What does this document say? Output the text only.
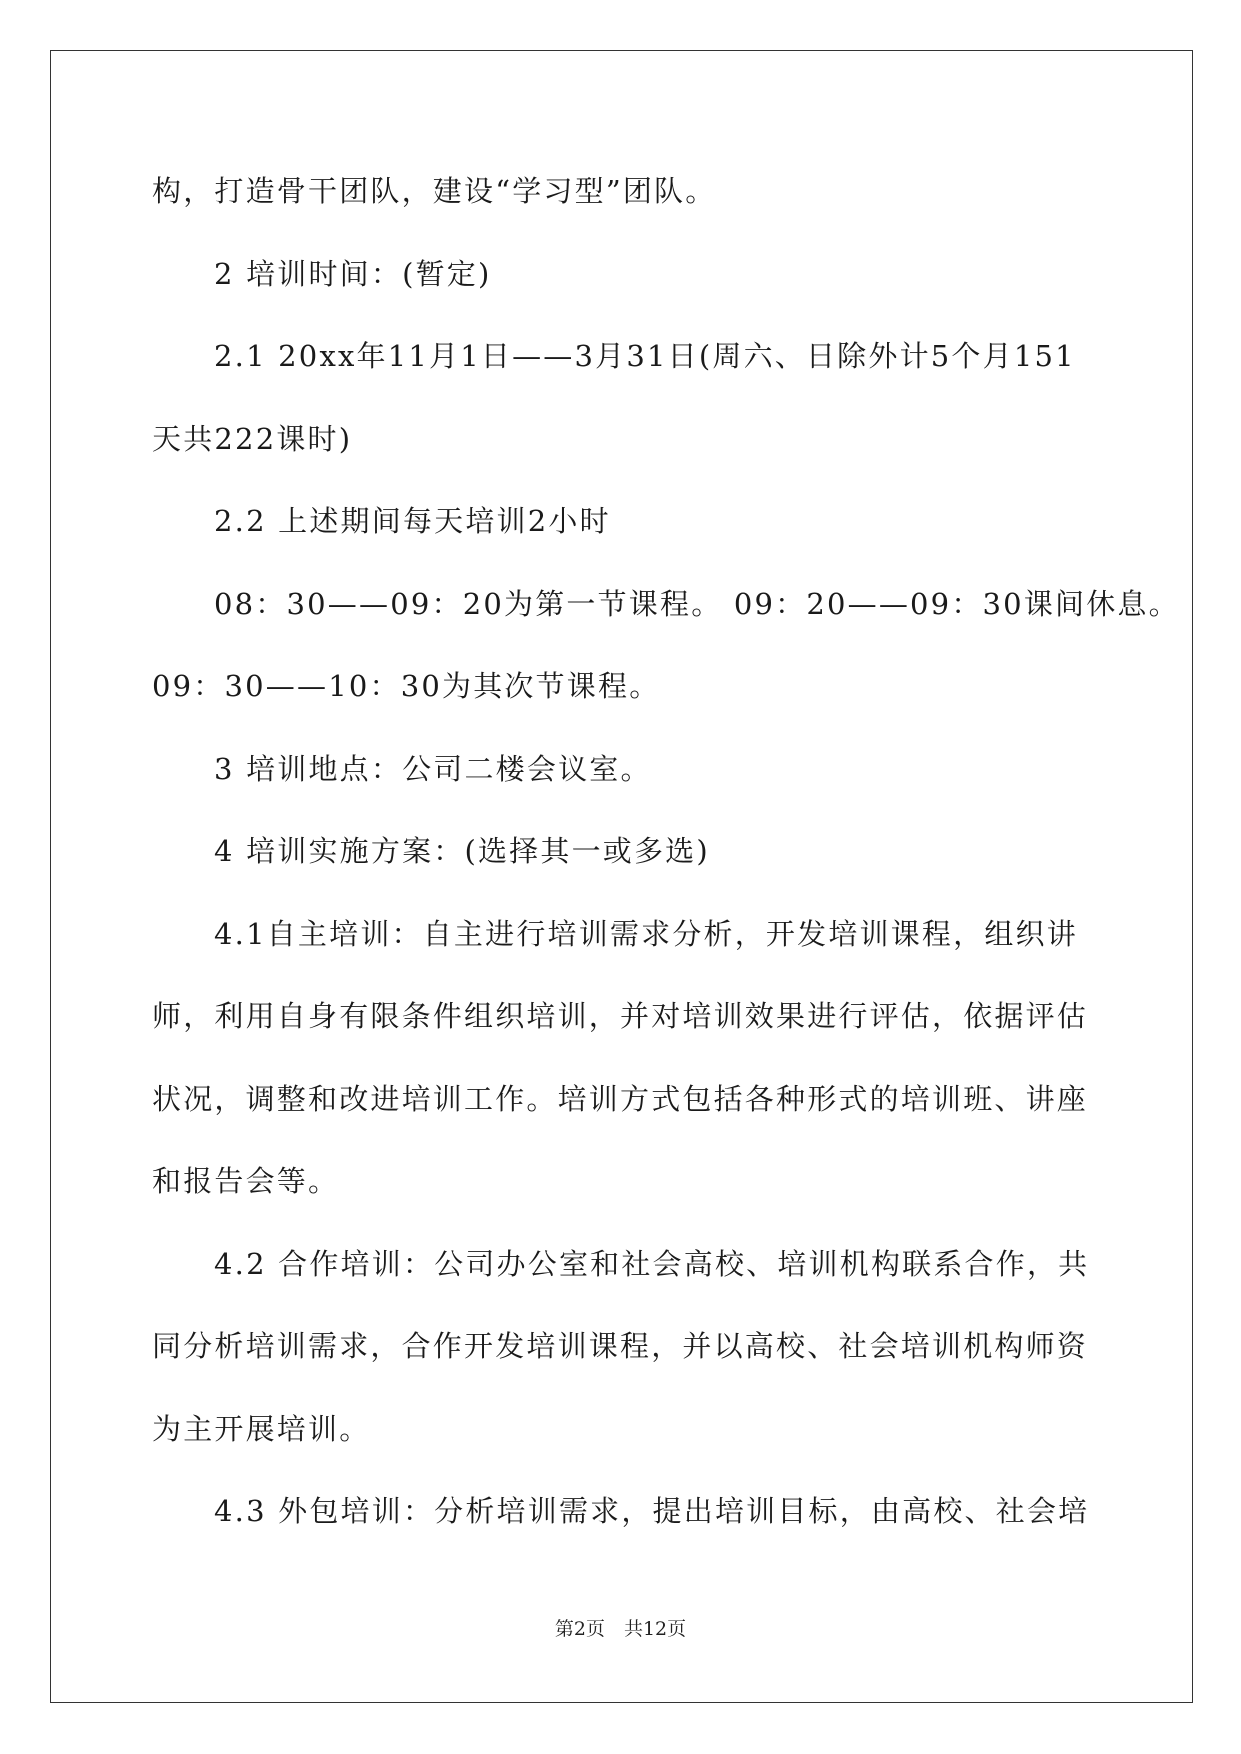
构，打造骨干团队，建设“学习型”团队。
2 培训时间：(暂定)
2.1 20xx年11月1日——3月31日(周六、日除外计5个月151
天共222课时)
2.2 上述期间每天培训2小时
08：30——09：20为第一节课程。 09：20——09：30课间休息。
09：30——10：30为其次节课程。
3 培训地点：公司二楼会议室。
4 培训实施方案：(选择其一或多选)
4.1自主培训：自主进行培训需求分析，开发培训课程，组织讲
师，利用自身有限条件组织培训，并对培训效果进行评估，依据评估
状况，调整和改进培训工作。培训方式包括各种形式的培训班、讲座
和报告会等。
4.2 合作培训：公司办公室和社会高校、培训机构联系合作，共
同分析培训需求，合作开发培训课程，并以高校、社会培训机构师资
为主开展培训。
4.3 外包培训：分析培训需求，提出培训目标，由高校、社会培
第2页　共12页
